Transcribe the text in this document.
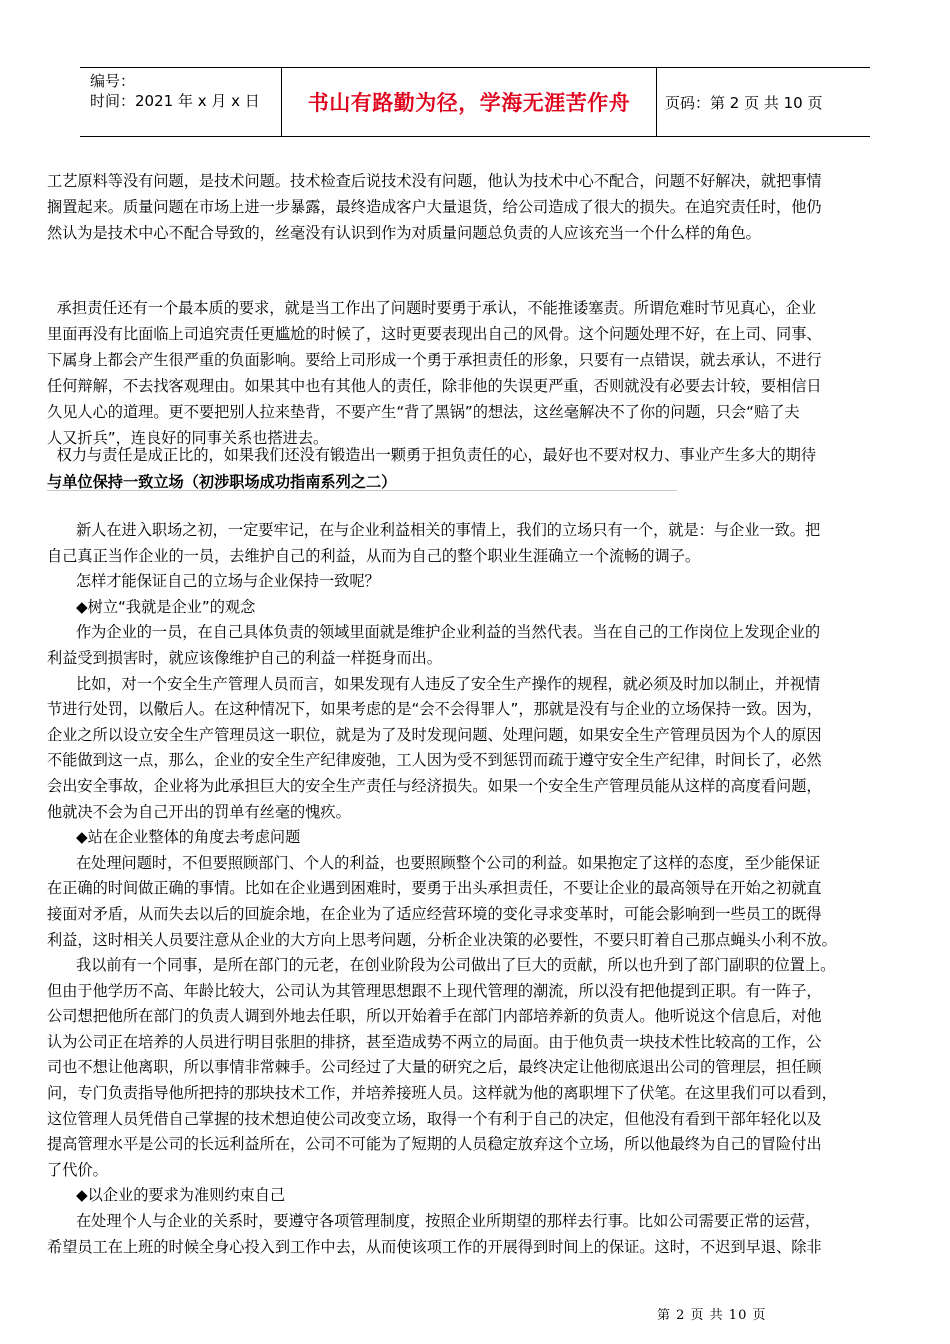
编号：
时间：2021 年 x 月 x 日	书山有路勤为径，学海无涯苦作舟	页码：第 2 页 共 10 页

工艺原料等没有问题，是技术问题。技术检查后说技术没有问题，他认为技术中心不配合，问题不好解决，就把事情
搁置起来。质量问题在市场上进一步暴露，最终造成客户大量退货，给公司造成了很大的损失。在追究责任时，他仍
然认为是技术中心不配合导致的，丝毫没有认识到作为对质量问题总负责的人应该充当一个什么样的角色。

承担责任还有一个最本质的要求，就是当工作出了问题时要勇于承认，不能推诿塞责。所谓危难时节见真心，企业
里面再没有比面临上司追究责任更尴尬的时候了，这时更要表现出自己的风骨。这个问题处理不好，在上司、同事、
下属身上都会产生很严重的负面影响。要给上司形成一个勇于承担责任的形象，只要有一点错误，就去承认，不进行
任何辩解，不去找客观理由。如果其中也有其他人的责任，除非他的失误更严重，否则就没有必要去计较，要相信日
久见人心的道理。更不要把别人拉来垫背，不要产生“背了黑锅”的想法，这丝毫解决不了你的问题，只会“赔了夫
人又折兵”，连良好的同事关系也搭进去。

权力与责任是成正比的，如果我们还没有锻造出一颗勇于担负责任的心，最好也不要对权力、事业产生多大的期待

与单位保持一致立场（初涉职场成功指南系列之二）

新人在进入职场之初，一定要牢记，在与企业利益相关的事情上，我们的立场只有一个，就是：与企业一致。把
自己真正当作企业的一员，去维护自己的利益，从而为自己的整个职业生涯确立一个流畅的调子。
怎样才能保证自己的立场与企业保持一致呢？
◆树立“我就是企业”的观念
作为企业的一员，在自己具体负责的领域里面就是维护企业利益的当然代表。当在自己的工作岗位上发现企业的
利益受到损害时，就应该像维护自己的利益一样挺身而出。
比如，对一个安全生产管理人员而言，如果发现有人违反了安全生产操作的规程，就必须及时加以制止，并视情
节进行处罚，以儆后人。在这种情况下，如果考虑的是“会不会得罪人”，那就是没有与企业的立场保持一致。因为，
企业之所以设立安全生产管理员这一职位，就是为了及时发现问题、处理问题，如果安全生产管理员因为个人的原因
不能做到这一点，那么，企业的安全生产纪律废弛，工人因为受不到惩罚而疏于遵守安全生产纪律，时间长了，必然
会出安全事故，企业将为此承担巨大的安全生产责任与经济损失。如果一个安全生产管理员能从这样的高度看问题，
他就决不会为自己开出的罚单有丝毫的愧疚。
◆站在企业整体的角度去考虑问题
在处理问题时，不但要照顾部门、个人的利益，也要照顾整个公司的利益。如果抱定了这样的态度，至少能保证
在正确的时间做正确的事情。比如在企业遇到困难时，要勇于出头承担责任，不要让企业的最高领导在开始之初就直
接面对矛盾，从而失去以后的回旋余地，在企业为了适应经营环境的变化寻求变革时，可能会影响到一些员工的既得
利益，这时相关人员要注意从企业的大方向上思考问题，分析企业决策的必要性，不要只盯着自己那点蝇头小利不放。
我以前有一个同事，是所在部门的元老，在创业阶段为公司做出了巨大的贡献，所以也升到了部门副职的位置上。
但由于他学历不高、年龄比较大，公司认为其管理思想跟不上现代管理的潮流，所以没有把他提到正职。有一阵子，
公司想把他所在部门的负责人调到外地去任职，所以开始着手在部门内部培养新的负责人。他听说这个信息后，对他
认为公司正在培养的人员进行明目张胆的排挤，甚至造成势不两立的局面。由于他负责一块技术性比较高的工作，公
司也不想让他离职，所以事情非常棘手。公司经过了大量的研究之后，最终决定让他彻底退出公司的管理层，担任顾
问，专门负责指导他所把持的那块技术工作，并培养接班人员。这样就为他的离职埋下了伏笔。在这里我们可以看到，
这位管理人员凭借自己掌握的技术想迫使公司改变立场，取得一个有利于自己的决定，但他没有看到干部年轻化以及
提高管理水平是公司的长远利益所在，公司不可能为了短期的人员稳定放弃这个立场，所以他最终为自己的冒险付出
了代价。
◆以企业的要求为准则约束自己
在处理个人与企业的关系时，要遵守各项管理制度，按照企业所期望的那样去行事。比如公司需要正常的运营，
希望员工在上班的时候全身心投入到工作中去，从而使该项工作的开展得到时间上的保证。这时，不迟到早退、除非

第 2 页 共 10 页
